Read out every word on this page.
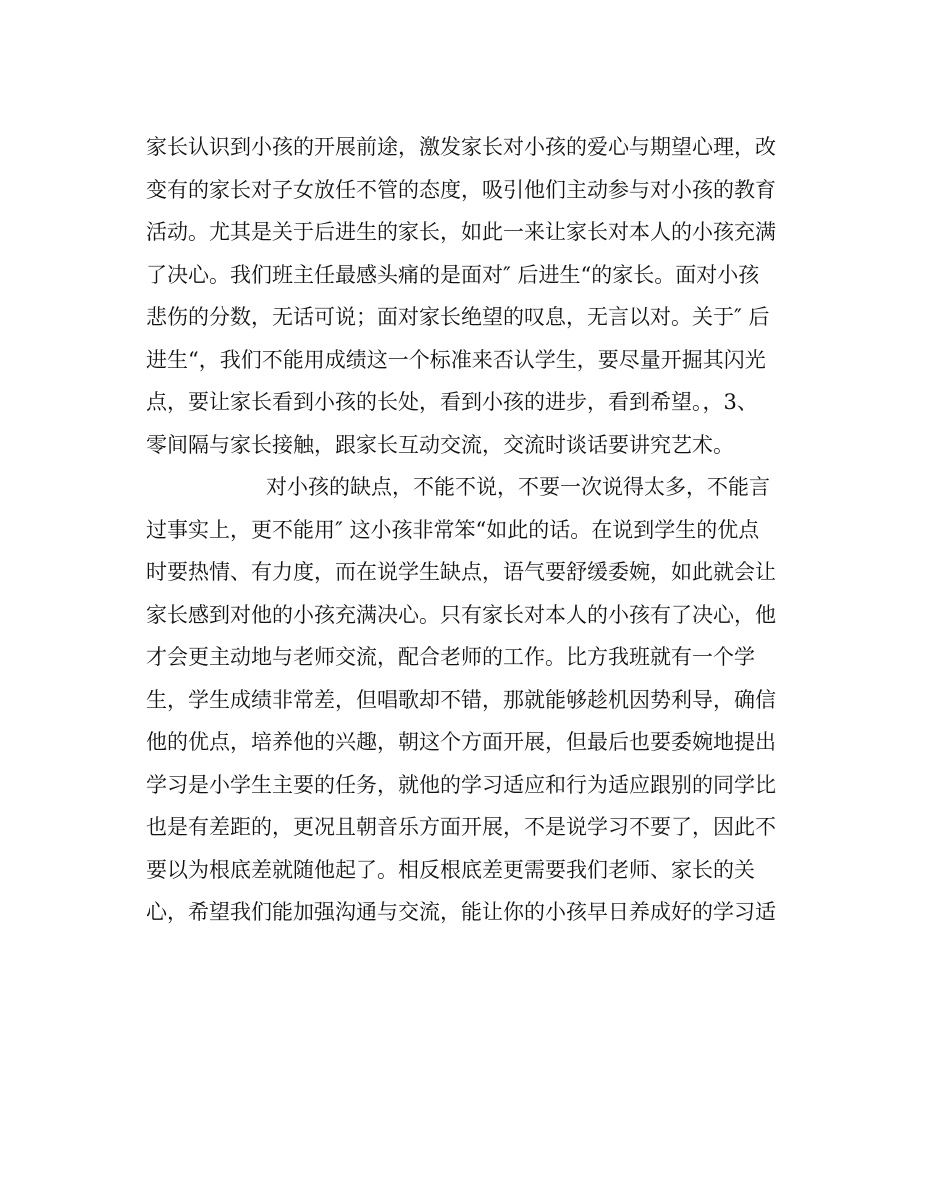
家长认识到小孩的开展前途，激发家长对小孩的爱心与期望心理，改
变有的家长对子女放任不管的态度，吸引他们主动参与对小孩的教育
活动。尤其是关于后进生的家长，如此一来让家长对本人的小孩充满
了决心。我们班主任最感头痛的是面对″ 后进生“的家长。面对小孩
悲伤的分数，无话可说；面对家长绝望的叹息，无言以对。关于″ 后
进生“，我们不能用成绩这一个标准来否认学生，要尽量开掘其闪光
点，要让家长看到小孩的长处，看到小孩的进步，看到希望。，3、
零间隔与家长接触，跟家长互动交流，交流时谈话要讲究艺术。
对小孩的缺点，不能不说，不要一次说得太多，不能言
过事实上，更不能用″ 这小孩非常笨“如此的话。在说到学生的优点
时要热情、有力度，而在说学生缺点，语气要舒缓委婉，如此就会让
家长感到对他的小孩充满决心。只有家长对本人的小孩有了决心，他
才会更主动地与老师交流，配合老师的工作。比方我班就有一个学
生，学生成绩非常差，但唱歌却不错，那就能够趁机因势利导，确信
他的优点，培养他的兴趣，朝这个方面开展，但最后也要委婉地提出
学习是小学生主要的任务，就他的学习适应和行为适应跟别的同学比
也是有差距的，更况且朝音乐方面开展，不是说学习不要了，因此不
要以为根底差就随他起了。相反根底差更需要我们老师、家长的关
心，希望我们能加强沟通与交流，能让你的小孩早日养成好的学习适
